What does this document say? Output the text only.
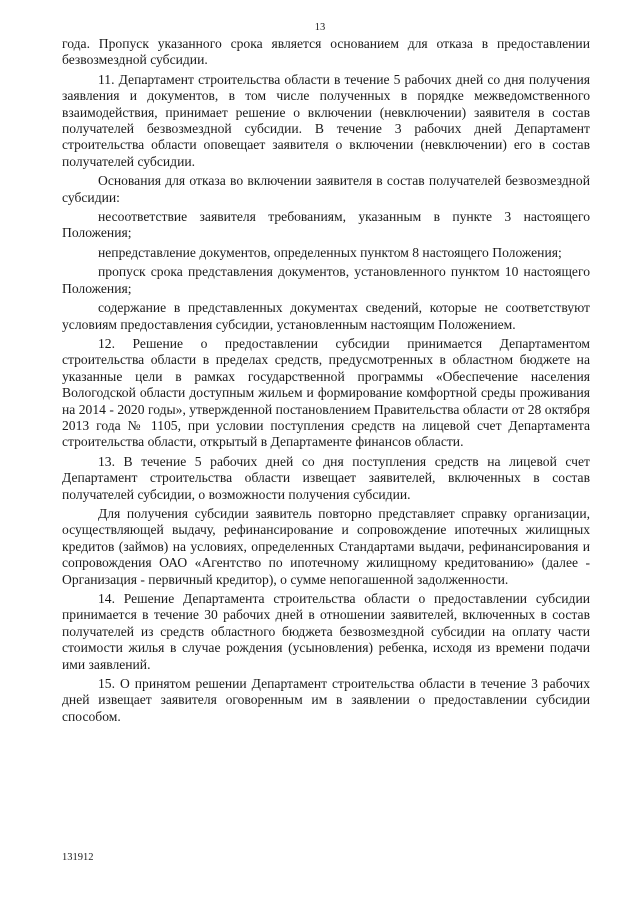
13

года. Пропуск указанного срока является основанием для отказа в предоставлении безвозмездной субсидии.

11. Департамент строительства области в течение 5 рабочих дней со дня получения заявления и документов, в том числе полученных в порядке межведомственного взаимодействия, принимает решение о включении (невключении) заявителя в состав получателей безвозмездной субсидии. В течение 3 рабочих дней Департамент строительства области оповещает заявителя о включении (невключении) его в состав получателей субсидии.

Основания для отказа во включении заявителя в состав получателей безвозмездной субсидии:

несоответствие заявителя требованиям, указанным в пункте 3 настоящего Положения;

непредставление документов, определенных пунктом 8 настоящего Положения;

пропуск срока представления документов, установленного пунктом 10 настоящего Положения;

содержание в представленных документах сведений, которые не соответствуют условиям предоставления субсидии, установленным настоящим Положением.

12. Решение о предоставлении субсидии принимается Департаментом строительства области в пределах средств, предусмотренных в областном бюджете на указанные цели в рамках государственной программы «Обеспечение населения Вологодской области доступным жильем и формирование комфортной среды проживания на 2014 - 2020 годы», утвержденной постановлением Правительства области от 28 октября 2013 года № 1105, при условии поступления средств на лицевой счет Департамента строительства области, открытый в Департаменте финансов области.

13. В течение 5 рабочих дней со дня поступления средств на лицевой счет Департамент строительства области извещает заявителей, включенных в состав получателей субсидии, о возможности получения субсидии.

Для получения субсидии заявитель повторно представляет справку организации, осуществляющей выдачу, рефинансирование и сопровождение ипотечных жилищных кредитов (займов) на условиях, определенных Стандартами выдачи, рефинансирования и сопровождения ОАО «Агентство по ипотечному жилищному кредитованию» (далее - Организация - первичный кредитор), о сумме непогашенной задолженности.

14. Решение Департамента строительства области о предоставлении субсидии принимается в течение 30 рабочих дней в отношении заявителей, включенных в состав получателей из средств областного бюджета безвозмездной субсидии на оплату части стоимости жилья в случае рождения (усыновления) ребенка, исходя из времени подачи ими заявлений.

15. О принятом решении Департамент строительства области в течение 3 рабочих дней извещает заявителя оговоренным им в заявлении о предоставлении субсидии способом.

131912
